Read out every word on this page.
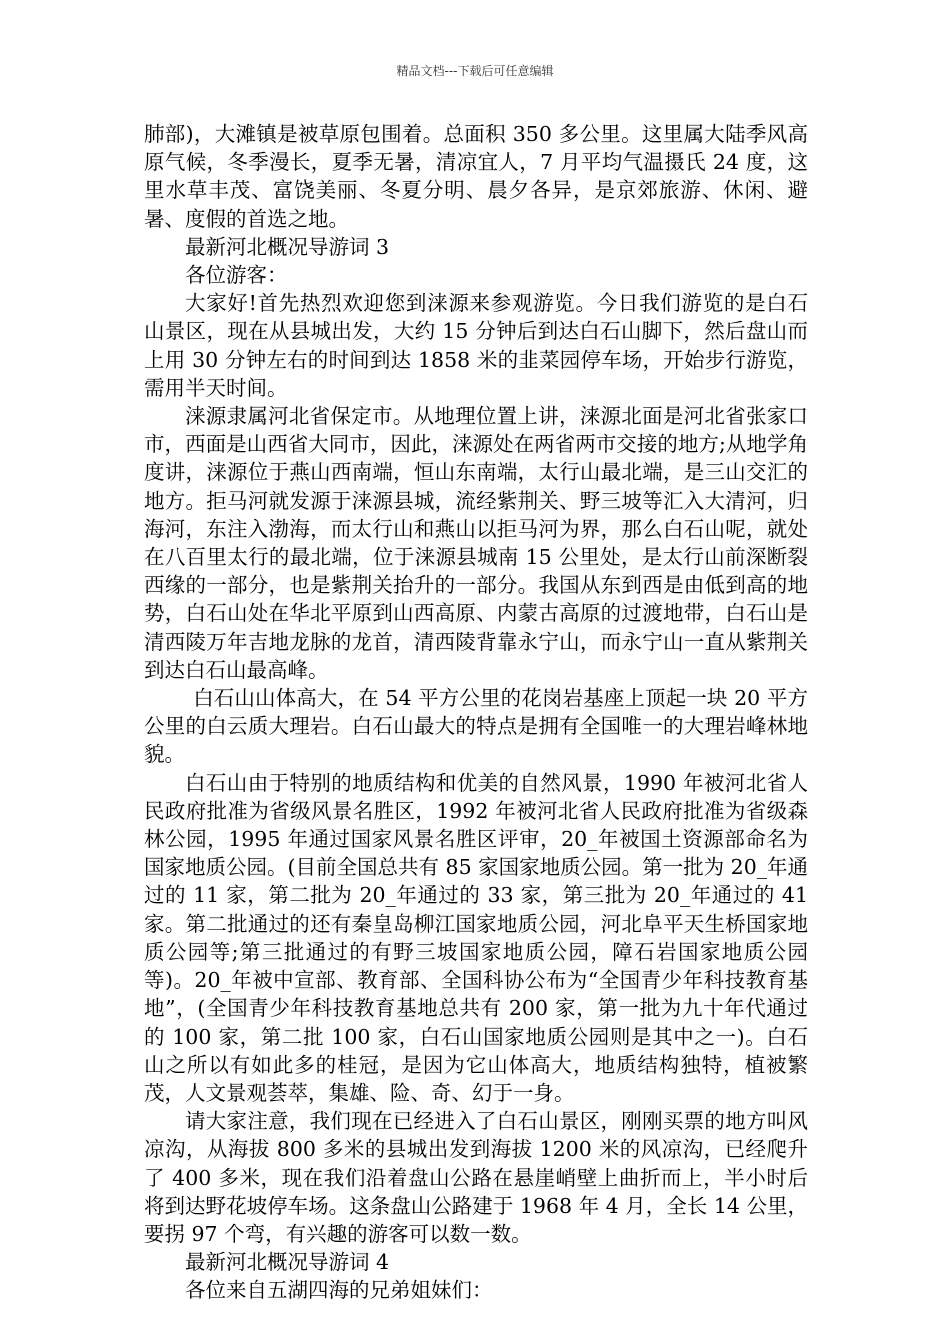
精品文档---下载后可任意编辑

肺部)，大滩镇是被草原包围着。总面积 350 多公里。这里属大陆季风高原气候，冬季漫长，夏季无暑，清凉宜人，7 月平均气温摄氏 24 度，这里水草丰茂、富饶美丽、冬夏分明、晨夕各异，是京郊旅游、休闲、避暑、度假的首选之地。

最新河北概况导游词 3

各位游客：

大家好!首先热烈欢迎您到涞源来参观游览。今日我们游览的是白石山景区，现在从县城出发，大约 15 分钟后到达白石山脚下，然后盘山而上用 30 分钟左右的时间到达 1858 米的韭菜园停车场，开始步行游览，需用半天时间。

涞源隶属河北省保定市。从地理位置上讲，涞源北面是河北省张家口市，西面是山西省大同市，因此，涞源处在两省两市交接的地方;从地学角度讲，涞源位于燕山西南端，恒山东南端，太行山最北端，是三山交汇的地方。拒马河就发源于涞源县城，流经紫荆关、野三坡等汇入大清河，归海河，东注入渤海，而太行山和燕山以拒马河为界，那么白石山呢，就处在八百里太行的最北端，位于涞源县城南 15 公里处，是太行山前深断裂西缘的一部分，也是紫荆关抬升的一部分。我国从东到西是由低到高的地势，白石山处在华北平原到山西高原、内蒙古高原的过渡地带，白石山是清西陵万年吉地龙脉的龙首，清西陵背靠永宁山，而永宁山一直从紫荆关到达白石山最高峰。

白石山山体高大，在 54 平方公里的花岗岩基座上顶起一块 20 平方公里的白云质大理岩。白石山最大的特点是拥有全国唯一的大理岩峰林地貌。

白石山由于特别的地质结构和优美的自然风景，1990 年被河北省人民政府批准为省级风景名胜区，1992 年被河北省人民政府批准为省级森林公园，1995 年通过国家风景名胜区评审，20_年被国土资源部命名为国家地质公园。(目前全国总共有 85 家国家地质公园。第一批为 20_年通过的 11 家，第二批为 20_年通过的 33 家，第三批为 20_年通过的 41 家。第二批通过的还有秦皇岛柳江国家地质公园，河北阜平天生桥国家地质公园等;第三批通过的有野三坡国家地质公园，障石岩国家地质公园等)。20_年被中宣部、教育部、全国科协公布为“全国青少年科技教育基地”，(全国青少年科技教育基地总共有 200 家，第一批为九十年代通过的 100 家，第二批 100 家，白石山国家地质公园则是其中之一)。白石山之所以有如此多的桂冠，是因为它山体高大，地质结构独特，植被繁茂，人文景观荟萃，集雄、险、奇、幻于一身。

请大家注意，我们现在已经进入了白石山景区，刚刚买票的地方叫风凉沟，从海拔 800 多米的县城出发到海拔 1200 米的风凉沟，已经爬升了 400 多米，现在我们沿着盘山公路在悬崖峭壁上曲折而上，半小时后将到达野花坡停车场。这条盘山公路建于 1968 年 4 月，全长 14 公里，要拐 97 个弯，有兴趣的游客可以数一数。

最新河北概况导游词 4

各位来自五湖四海的兄弟姐妹们：
